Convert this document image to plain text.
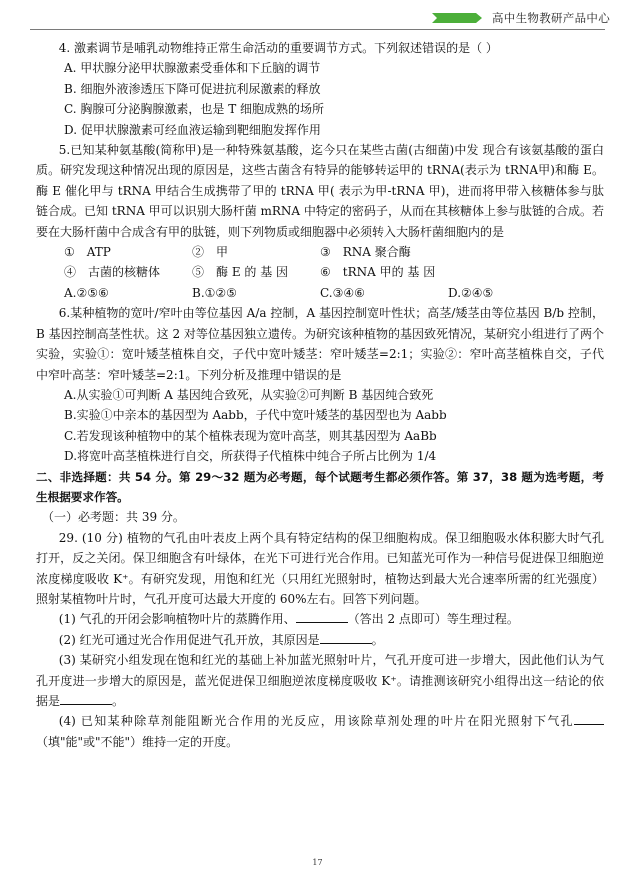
高中生物教研产品中心

4. 激素调节是哺乳动物维持正常生命活动的重要调节方式。下列叙述错误的是（ ）

A. 甲状腺分泌甲状腺激素受垂体和下丘脑的调节

B. 细胞外液渗透压下降可促进抗利尿激素的释放

C. 胸腺可分泌胸腺激素，也是 T 细胞成熟的场所

D. 促甲状腺激素可经血液运输到靶细胞发挥作用

5.已知某种氨基酸(简称甲)是一种特殊氨基酸，迄今只在某些古菌(古细菌)中发 现合有该氨基酸的蛋白质。研究发现这种情况出现的原因是，这些古菌含有特异的能够转运甲的 tRNA(表示为 tRNA甲)和酶 E。 酶 E 催化甲与 tRNA 甲结合生成携带了甲的 tRNA 甲( 表示为甲-tRNA 甲)，进而将甲带入核糖体参与肽链合成。已知 tRNA 甲可以识别大肠杆菌 mRNA 中特定的密码子，从而在其核糖体上参与肽链的合成。若要在大肠杆菌中合成含有甲的肽链，则下列物质或细胞器中必须转入大肠杆菌细胞内的是

①　ATP	②　甲	③　RNA 聚合酶
④　古菌的核糖体	⑤　酶 E 的 基 因	⑥　tRNA 甲的 基 因
A.②⑤⑥	B.①②⑤	C.③④⑥	D.②④⑤

6.某种植物的宽叶/窄叶由等位基因 A/a 控制，A 基因控制宽叶性状；高茎/矮茎由等位基因 B/b 控制，B 基因控制高茎性状。这 2 对等位基因独立遗传。为研究该种植物的基因致死情况，某研究小组进行了两个实验，实验①：宽叶矮茎植株自交，子代中宽叶矮茎：窄叶矮茎=2:1；实验②：窄叶高茎植株自交，子代中窄叶高茎：窄叶矮茎=2:1。下列分析及推理中错误的是

A.从实验①可判断 A 基因纯合致死，从实验②可判断 B 基因纯合致死

B.实验①中亲本的基因型为 Aabb，子代中宽叶矮茎的基因型也为 Aabb

C.若发现该种植物中的某个植株表现为宽叶高茎，则其基因型为 AaBb

D.将宽叶高茎植株进行自交，所获得子代植株中纯合子所占比例为 1/4

二、非选择题：共 54 分。第 29～32 题为必考题，每个试题考生都必须作答。第 37，38 题为选考题，考生根据要求作答。

（一）必考题：共 39 分。

29. (10 分) 植物的气孔由叶表皮上两个具有特定结构的保卫细胞构成。保卫细胞吸水体积膨大时气孔打开，反之关闭。保卫细胞含有叶绿体，在光下可进行光合作用。已知蓝光可作为一种信号促进保卫细胞逆浓度梯度吸收 K⁺。有研究发现，用饱和红光（只用红光照射时，植物达到最大光合速率所需的红光强度）照射某植物叶片时，气孔开度可达最大开度的 60%左右。回答下列问题。

(1) 气孔的开闭会影响植物叶片的蒸腾作用、	（答出 2 点即可）等生理过程。

(2) 红光可通过光合作用促进气孔开放，其原因是	。

(3) 某研究小组发现在饱和红光的基础上补加蓝光照射叶片，气孔开度可进一步增大，因此他们认为气孔开度进一步增大的原因是，蓝光促进保卫细胞逆浓度梯度吸收 K⁺。请推测该研究小组得出这一结论的依据是	。

(4) 已知某种除草剂能阻断光合作用的光反应，用该除草剂处理的叶片在阳光照射下气孔（填"能"或"不能"）维持一定的开度。

17
